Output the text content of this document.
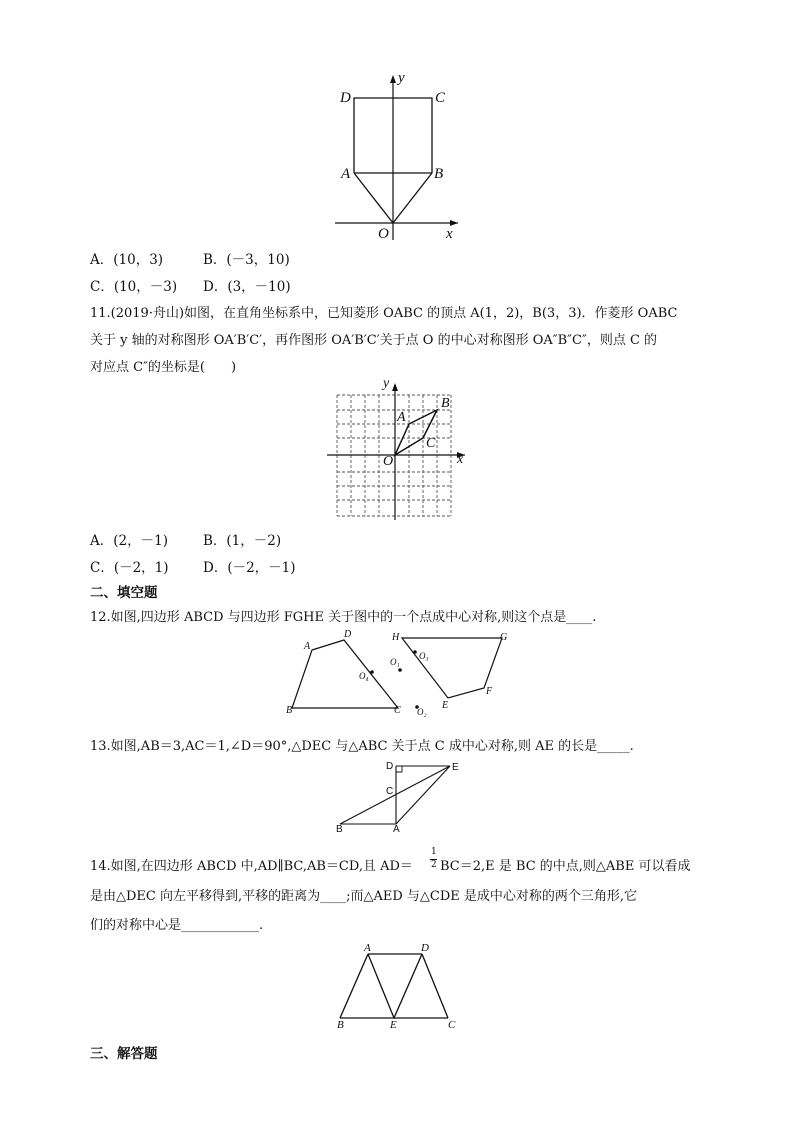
D	C
A	B
O	x
y
A．(10，3)	B．(－3，10)
C．(10，－3) D．(3，－10)
11.(2019·舟山)如图，在直角坐标系中，已知菱形 OABC 的顶点 A(1，2)，B(3，3)．作菱形 OABC
关于 y 轴的对称图形 OA′B′C′，再作图形 OA′B′C′关于点 O 的中心对称图形 OA″B″C″，则点 C 的
对应点 C″的坐标是(　　)
y
A
B
C
O	x
A．(2，－1)	B．(1，－2)
C．(－2，1)	D．(－2，－1)
二、填空题
12.如图,四边形 ABCD 与四边形 FGHE 关于图中的一个点成中心对称,则这个点是____.
A
D
B	C
H	G
F
E
O₁
O₃
O₄
O₂
13.如图,AB＝3,AC＝1,∠D＝90°,△DEC 与△ABC 关于点 C 成中心对称,则 AE 的长是_____.
D	E
C
B	A
14.如图,在四边形 ABCD 中,AD∥BC,AB＝CD,且 AD＝
1
2 BC＝2,E 是 BC 的中点,则△ABE 可以看成
是由△DEC 向左平移得到,平移的距离为____;而△AED 与△CDE 是成中心对称的两个三角形,它
们的对称中心是____________.
A	D
B	E	C
三、解答题
